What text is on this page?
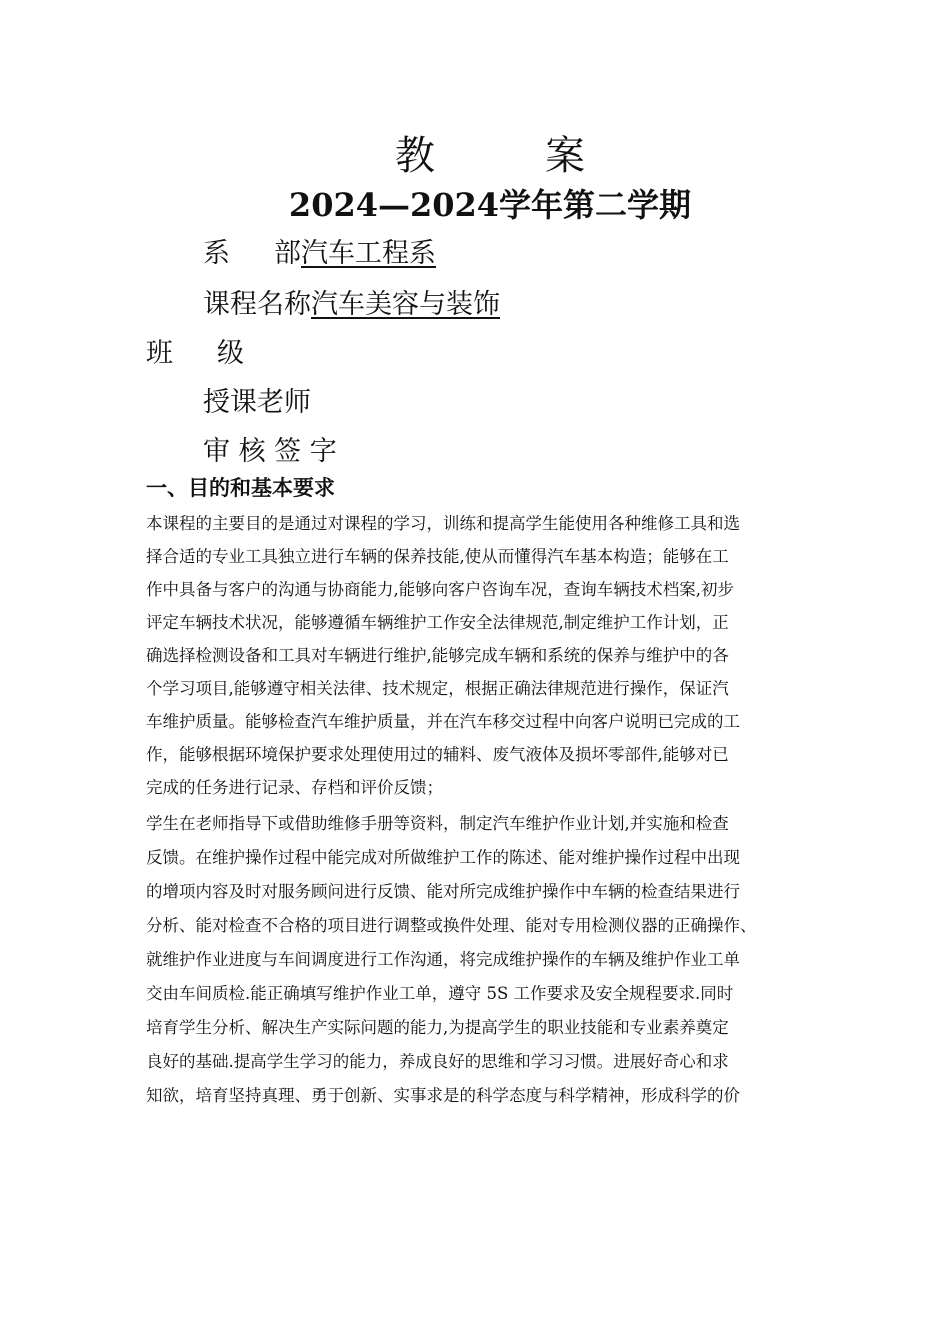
教	案
2024—2024学年第二学期
系 部汽车工程系
课程名称汽车美容与装饰
班 级
授课老师
审 核 签 字
一、目的和基本要求
本课程的主要目的是通过对课程的学习，训练和提高学生能使用各种维修工具和选
择合适的专业工具独立进行车辆的保养技能,使从而懂得汽车基本构造；能够在工
作中具备与客户的沟通与协商能力,能够向客户咨询车况，查询车辆技术档案,初步
评定车辆技术状况，能够遵循车辆维护工作安全法律规范,制定维护工作计划，正
确选择检测设备和工具对车辆进行维护,能够完成车辆和系统的保养与维护中的各
个学习项目,能够遵守相关法律、技术规定，根据正确法律规范进行操作，保证汽
车维护质量。能够检查汽车维护质量，并在汽车移交过程中向客户说明已完成的工
作，能够根据环境保护要求处理使用过的辅料、废气液体及损坏零部件,能够对已
完成的任务进行记录、存档和评价反馈；
学生在老师指导下或借助维修手册等资料，制定汽车维护作业计划,并实施和检查
反馈。在维护操作过程中能完成对所做维护工作的陈述、能对维护操作过程中出现
的增项内容及时对服务顾问进行反馈、能对所完成维护操作中车辆的检查结果进行
分析、能对检查不合格的项目进行调整或换件处理、能对专用检测仪器的正确操作、
就维护作业进度与车间调度进行工作沟通，将完成维护操作的车辆及维护作业工单
交由车间质检.能正确填写维护作业工单，遵守 5S 工作要求及安全规程要求.同时
培育学生分析、解决生产实际问题的能力,为提高学生的职业技能和专业素养奠定
良好的基础.提高学生学习的能力，养成良好的思维和学习习惯。进展好奇心和求
知欲，培育坚持真理、勇于创新、实事求是的科学态度与科学精神，形成科学的价
